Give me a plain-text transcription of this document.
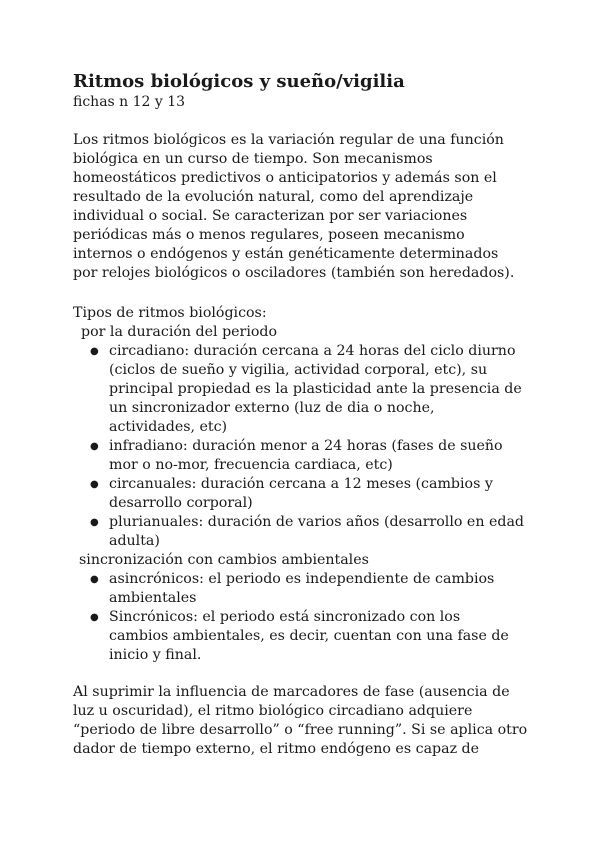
Ritmos biológicos y sueño/vigilia
fichas n 12 y 13
Los ritmos biológicos es la variación regular de una función
biológica en un curso de tiempo. Son mecanismos
homeostáticos predictivos o anticipatorios y además son el
resultado de la evolución natural, como del aprendizaje
individual o social. Se caracterizan por ser variaciones
periódicas más o menos regulares, poseen mecanismo
internos o endógenos y están genéticamente determinados
por relojes biológicos o osciladores (también son heredados).
Tipos de ritmos biológicos:
por la duración del periodo
● circadiano: duración cercana a 24 horas del ciclo diurno
(ciclos de sueño y vigilia, actividad corporal, etc), su
principal propiedad es la plasticidad ante la presencia de
un sincronizador externo (luz de dia o noche,
actividades, etc)
● infradiano: duración menor a 24 horas (fases de sueño
mor o no-mor, frecuencia cardiaca, etc)
● circanuales: duración cercana a 12 meses (cambios y
desarrollo corporal)
● plurianuales: duración de varios años (desarrollo en edad
adulta)
sincronización con cambios ambientales
● asincrónicos: el periodo es independiente de cambios
ambientales
● Sincrónicos: el periodo está sincronizado con los
cambios ambientales, es decir, cuentan con una fase de
inicio y final.
Al suprimir la influencia de marcadores de fase (ausencia de
luz u oscuridad), el ritmo biológico circadiano adquiere
“periodo de libre desarrollo” o “free running”. Si se aplica otro
dador de tiempo externo, el ritmo endógeno es capaz de
